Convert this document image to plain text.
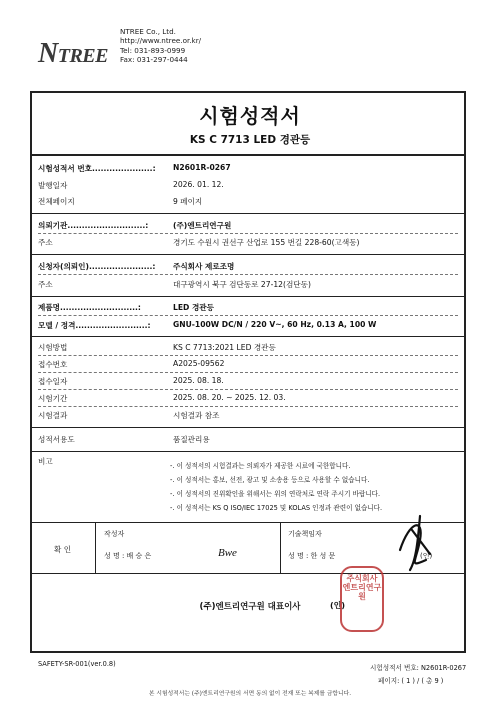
NTREE
NTREE Co., Ltd.
http://www.ntree.or.kr/
Tel: 031-893-0999
Fax: 031-297-0444
시험성적서
KS C 7713 LED 경관등
시험성적서 번호.....................: N2601R-0267
발행일자	2026. 01. 12.
전체페이지	9 페이지
의뢰기관...........................:	(주)엔트리연구원
주소	경기도 수원시 권선구 산업로 155 번길 228-60(고색동)
신청자(의뢰인)......................: 주식회사 제로조명
주소	대구광역시 북구 검단동로 27-12(검단동)
제품명...........................:	LED 경관등
모델 / 정격.........................:	GNU-100W DC/N / 220 V~, 60 Hz, 0.13 A, 100 W
시험방법	KS C 7713:2021 LED 경관등
접수번호	A2025-09562
접수일자	2025. 08. 18.
시험기간	2025. 08. 20. ~ 2025. 12. 03.
시험결과	시험결과 참조
성적서용도	품질관리용
비고	-. 이 성적서의 시험결과는 의뢰자가 제공한 시료에 국한합니다.
-. 이 성적서는 홍보, 선전, 광고 및 소송용 등으로 사용할 수 없습니다.
-. 이 성적서의 진위확인을 위해서는 위의 연락처로 연락 주시기 바랍니다.
-. 이 성적서는 KS Q ISO/IEC 17025 및 KOLAS 인정과 관련이 없습니다.
확 인
작성자
성 명 : 배 승 은	Bwe
기술책임자
성 명 : 한 성 문	(인)
(주)엔트리연구원 대표이사	(인)
주식회사 엔트리연구원
SAFETY-SR-001(ver.0.8)	시험성적서 번호: N2601R-0267
페이지: ( 1 ) / ( 총 9 )
본 시험성적서는 (주)엔트리연구원의 서면 동의 없이 전재 또는 복제를 금합니다.
